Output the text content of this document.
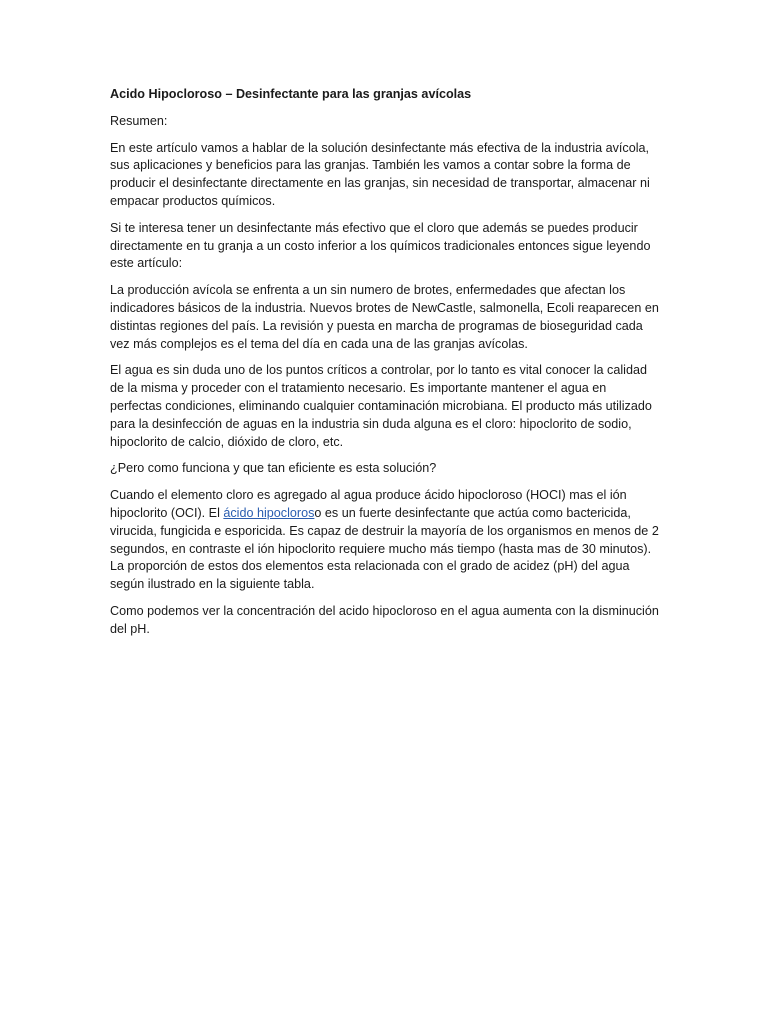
Acido Hipocloroso – Desinfectante para las granjas avícolas

Resumen:

En este artículo vamos a hablar de la solución desinfectante más efectiva de la industria avícola, sus aplicaciones y beneficios para las granjas. También les vamos a contar sobre la forma de producir el desinfectante directamente en las granjas, sin necesidad de transportar, almacenar ni empacar productos químicos.

Si te interesa tener un desinfectante más efectivo que el cloro que además se puedes producir directamente en tu granja a un costo inferior a los químicos tradicionales entonces sigue leyendo este artículo:

La producción avícola se enfrenta a un sin numero de brotes, enfermedades que afectan los indicadores básicos de la industria. Nuevos brotes de NewCastle, salmonella, Ecoli reaparecen en distintas regiones del país. La revisión y puesta en marcha de programas de bioseguridad cada vez más complejos es el tema del día en cada una de las granjas avícolas.

El agua es sin duda uno de los puntos críticos a controlar, por lo tanto es vital conocer la calidad de la misma y proceder con el tratamiento necesario. Es importante mantener el agua en perfectas condiciones, eliminando cualquier contaminación microbiana. El producto más utilizado para la desinfección de aguas en la industria sin duda alguna es el cloro: hipoclorito de sodio, hipoclorito de calcio, dióxido de cloro, etc.

¿Pero como funciona y que tan eficiente es esta solución?

Cuando el elemento cloro es agregado al agua produce ácido hipocloroso (HOCI) mas el ión hipoclorito (OCI). El ácido hipocloroso es un fuerte desinfectante que actúa como bactericida, virucida, fungicida e esporicida. Es capaz de destruir la mayoría de los organismos en menos de 2 segundos, en contraste el ión hipoclorito requiere mucho más tiempo (hasta mas de 30 minutos). La proporción de estos dos elementos esta relacionada con el grado de acidez (pH) del agua según ilustrado en la siguiente tabla.

Como podemos ver la concentración del acido hipocloroso en el agua aumenta con la disminución del pH.
